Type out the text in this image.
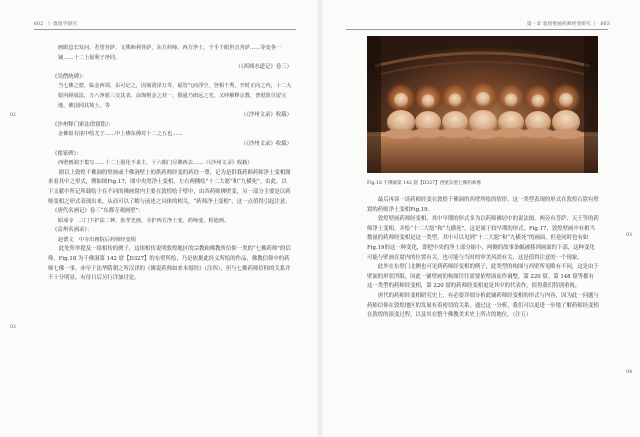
602 丨 敦煌学研究
02
03

画眼息长发问，若望菩萨，文殊师利菩萨，东方药师，西方净土，千手千眼世音菩萨……等变各一铺……十二上愿利子净同。

（《西域水道记》卷三）

《吴僧统碑》：

当七佛之窟，临金西邻，东可记之，因刻清泽万寿，福管气而浮空，登相千秀，开时正向之内，十二大愿内顾成法，万八净愿三交其表，涂饰则金之封一，摄通乃朗远之光，又呼解释宗教，普慰放尽留宝地，佛国同其境土。等

（《沙州文录》收载）

《沙州释门索法律窟铭》：

金佛似有诸中绘尤于……中上佛东佛对十二之五也……

（《沙州文录》收载）

《翟家碑》：

西壁画端于集写……十二上愿化不来主，十六眼门尽佛西去……（《沙州文录》收载）

据以上敦煌千佛洞的壁画或千佛洞壁上的供药师经变的药经一尊，记为是供我药师药师净土变相图来看其中之形式，例如图Fig.17，图中央宽净土变相，左右两侧绘“十二大愿”和“九横死”。由此，以下文献中所记所载绘于在不同的佛画窟内主要在敦煌绘于壁中，由各药师佛壁变，另一部分主要是以药师变相之形式表现出来，从而可以了解与前述之具体的相关，“药师净土变相”，这一点值得引起注意。

《唐代名画记》卷三“东都寺观画壁”：

昭成寺　三门下护法二神，张孝光画，寺护西方净土变，药师变，程迪画。

《益州名画录》：

赵德文　中寺出画院后药师经变相

此处所举提及一组相传的例子，这组相传说明敦煌地区的宗教和佛教所信仰一类的“七佛药师”的信仰，Fig.18 为千佛洞第 142 窟【D327】的东壁所绘，乃是依据此经义所绘的作品，佛教信仰中的药师七佛一事，亦早于法华隋朝之所汉译的《佛说药师如来本愿经》（注四），但与七佛药师信仰的关系并不十分明显，有待日后另行详加讨论。

第一章 敦煌壁画药师经变研究 丨 603
03
04

最后再谈一谈药师经变在敦煌千佛洞的西壁所绘的情形，这一类型表现的形式在敦煌石窟有壁窟的药师净土变相Fig.19。

敦煌壁画药师经变相，其中早期的形式多为以药师佛居中的说法图，两旁有菩萨、天王等的药师净土变相，并绘“十二大愿”和“九横死”，这是属于较早期的形式。Fig.17，敦煌壁画中有相当数量的药师经变相是这一类型，其中可以见到“十二大愿”和“九横死”的画面，但是同时也有如Fig.19的这一种变化，即把中央的净土部分缩小，两侧的故事条幅被移到画面的下部，这种变化可能与壁画在窟内的位置有关，也可能与当时的审美风尚有关，这是值得注意的一个现象。

此外在东壁门北侧也可见到药师经变相的例子，此类型的构图与西壁所见略有不同，这是由于壁面的形状所限，因此一铺壁画的构图往往需要依壁面而作调整，第 220 窟、第 148 窟等都有这一类型的药师经变相，第 220 窟的药师经变相更是其中的代表作，值得我们特别重视。

唐代的药师经变相研究史上，有必要详细分析此铺药师经变相的形式与内容，因为此一问题与药师信仰在敦煌地区的发展有着密切的关系，通过这一分析，我们可以更进一步地了解药师经变相在敦煌的演变过程，以及其在整个佛教美术史上所占的地位。（注五）

Fig.18 千佛洞第 142 窟【D327】西壁东壁七佛药师像
